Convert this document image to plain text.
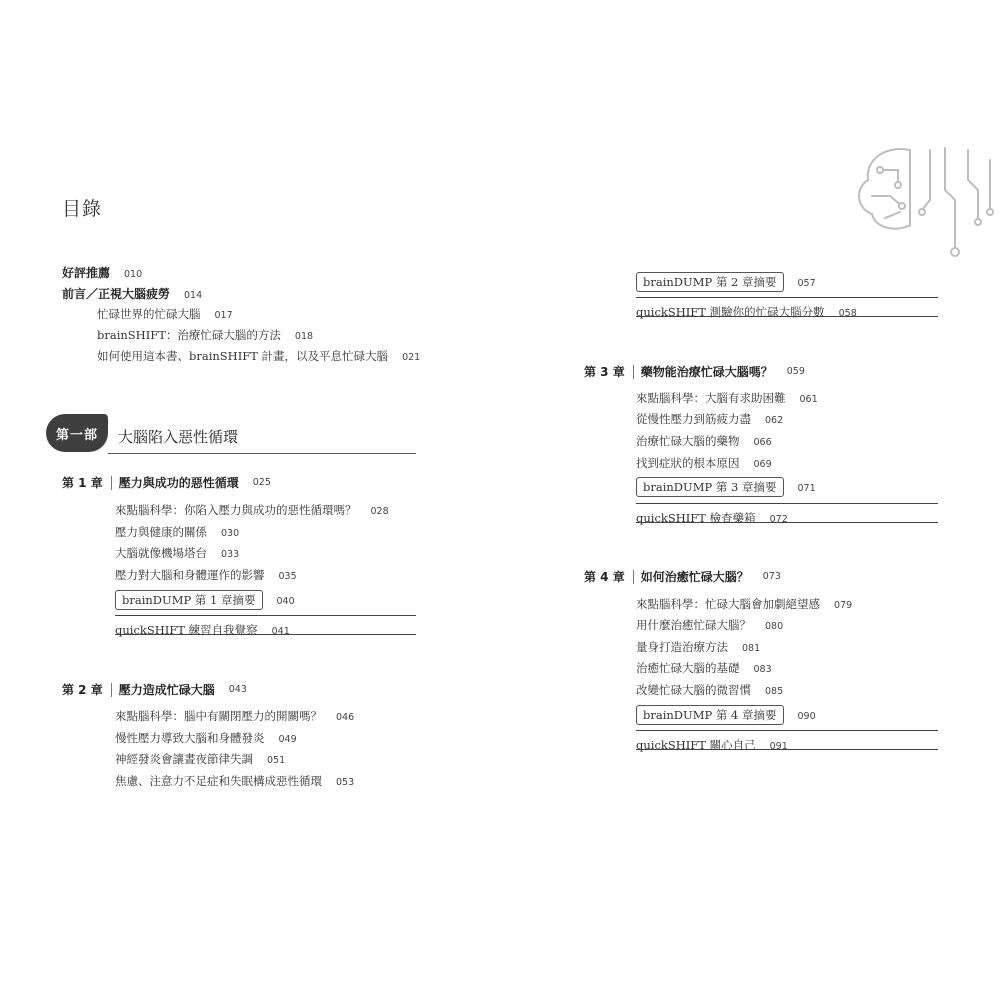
目錄
好評推薦 010
前言／正視大腦疲勞 014
忙碌世界的忙碌大腦 017
brainSHIFT：治療忙碌大腦的方法 018
如何使用這本書、brainSHIFT 計畫，以及平息忙碌大腦 021
第一部	大腦陷入惡性循環
第 1 章 壓力與成功的惡性循環 025
來點腦科學：你陷入壓力與成功的惡性循環嗎？ 028
壓力與健康的關係 030
大腦就像機場塔台 033
壓力對大腦和身體運作的影響 035
brainDUMP 第 1 章摘要 040
quickSHIFT 練習自我覺察 041
第 2 章 壓力造成忙碌大腦 043
來點腦科學：腦中有關閉壓力的開關嗎？ 046
慢性壓力導致大腦和身體發炎 049
神經發炎會讓晝夜節律失調 051
焦慮、注意力不足症和失眠構成惡性循環 053
brainDUMP 第 2 章摘要 057
quickSHIFT 測驗你的忙碌大腦分數 058
第 3 章 藥物能治療忙碌大腦嗎？ 059
來點腦科學：大腦有求助困難 061
從慢性壓力到筋疲力盡 062
治療忙碌大腦的藥物 066
找到症狀的根本原因 069
brainDUMP 第 3 章摘要 071
quickSHIFT 檢查藥箱 072
第 4 章 如何治癒忙碌大腦？ 073
來點腦科學：忙碌大腦會加劇絕望感 079
用什麼治癒忙碌大腦？ 080
量身打造治療方法 081
治癒忙碌大腦的基礎 083
改變忙碌大腦的微習慣 085
brainDUMP 第 4 章摘要 090
quickSHIFT 關心自己 091
